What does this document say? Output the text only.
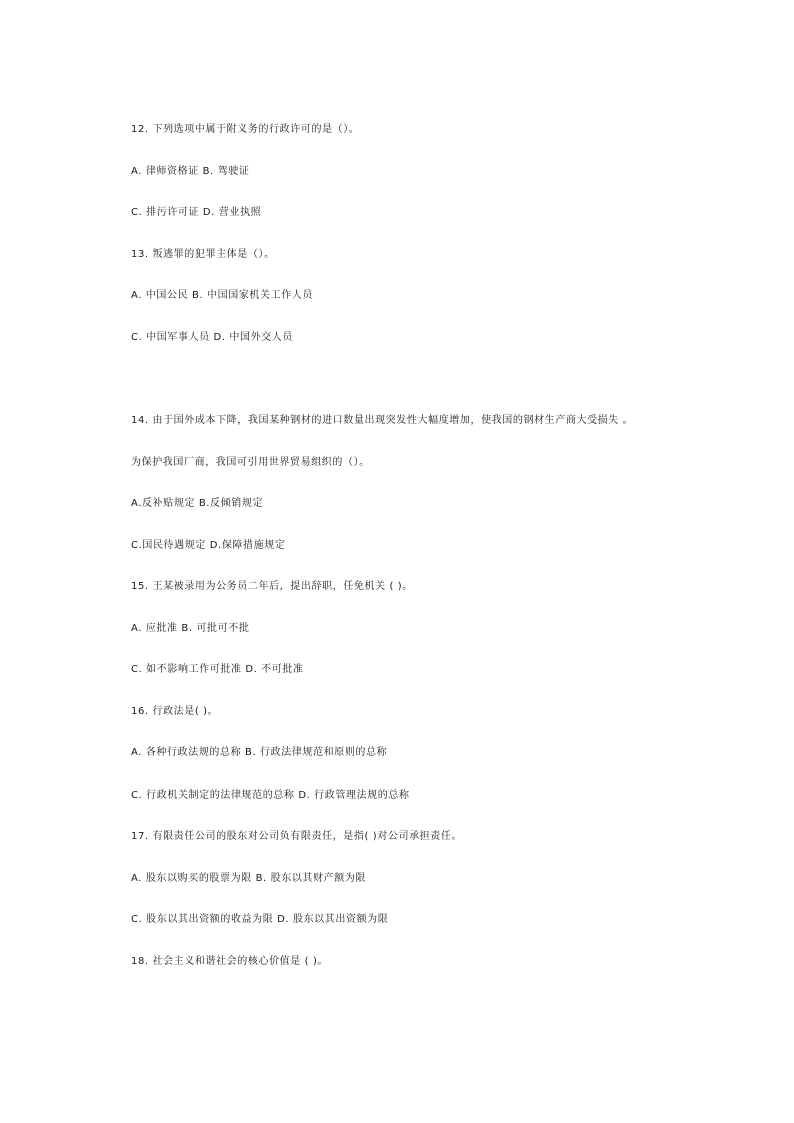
12. 下列选项中属于附义务的行政许可的是（）。
A. 律师资格证 B. 驾驶证
C. 排污许可证 D. 营业执照
13. 叛逃罪的犯罪主体是（）。
A. 中国公民 B. 中国国家机关工作人员
C. 中国军事人员 D. 中国外交人员
14. 由于国外成本下降，我国某种钢材的进口数量出现突发性大幅度增加，使我国的钢材生产商大受损失 。
为保护我国厂商，我国可引用世界贸易组织的（）。
A.反补贴规定 B.反倾销规定
C.国民待遇规定 D.保障措施规定
15. 王某被录用为公务员二年后，提出辞职，任免机关 ( )。
A. 应批准 B. 可批可不批
C. 如不影响工作可批准 D. 不可批准
16. 行政法是( )。
A. 各种行政法规的总称 B. 行政法律规范和原则的总称
C. 行政机关制定的法律规范的总称 D. 行政管理法规的总称
17. 有限责任公司的股东对公司负有限责任，是指( )对公司承担责任。
A. 股东以购买的股票为限 B. 股东以其财产额为限
C. 股东以其出资额的收益为限 D. 股东以其出资额为限
18. 社会主义和谐社会的核心价值是 ( )。
